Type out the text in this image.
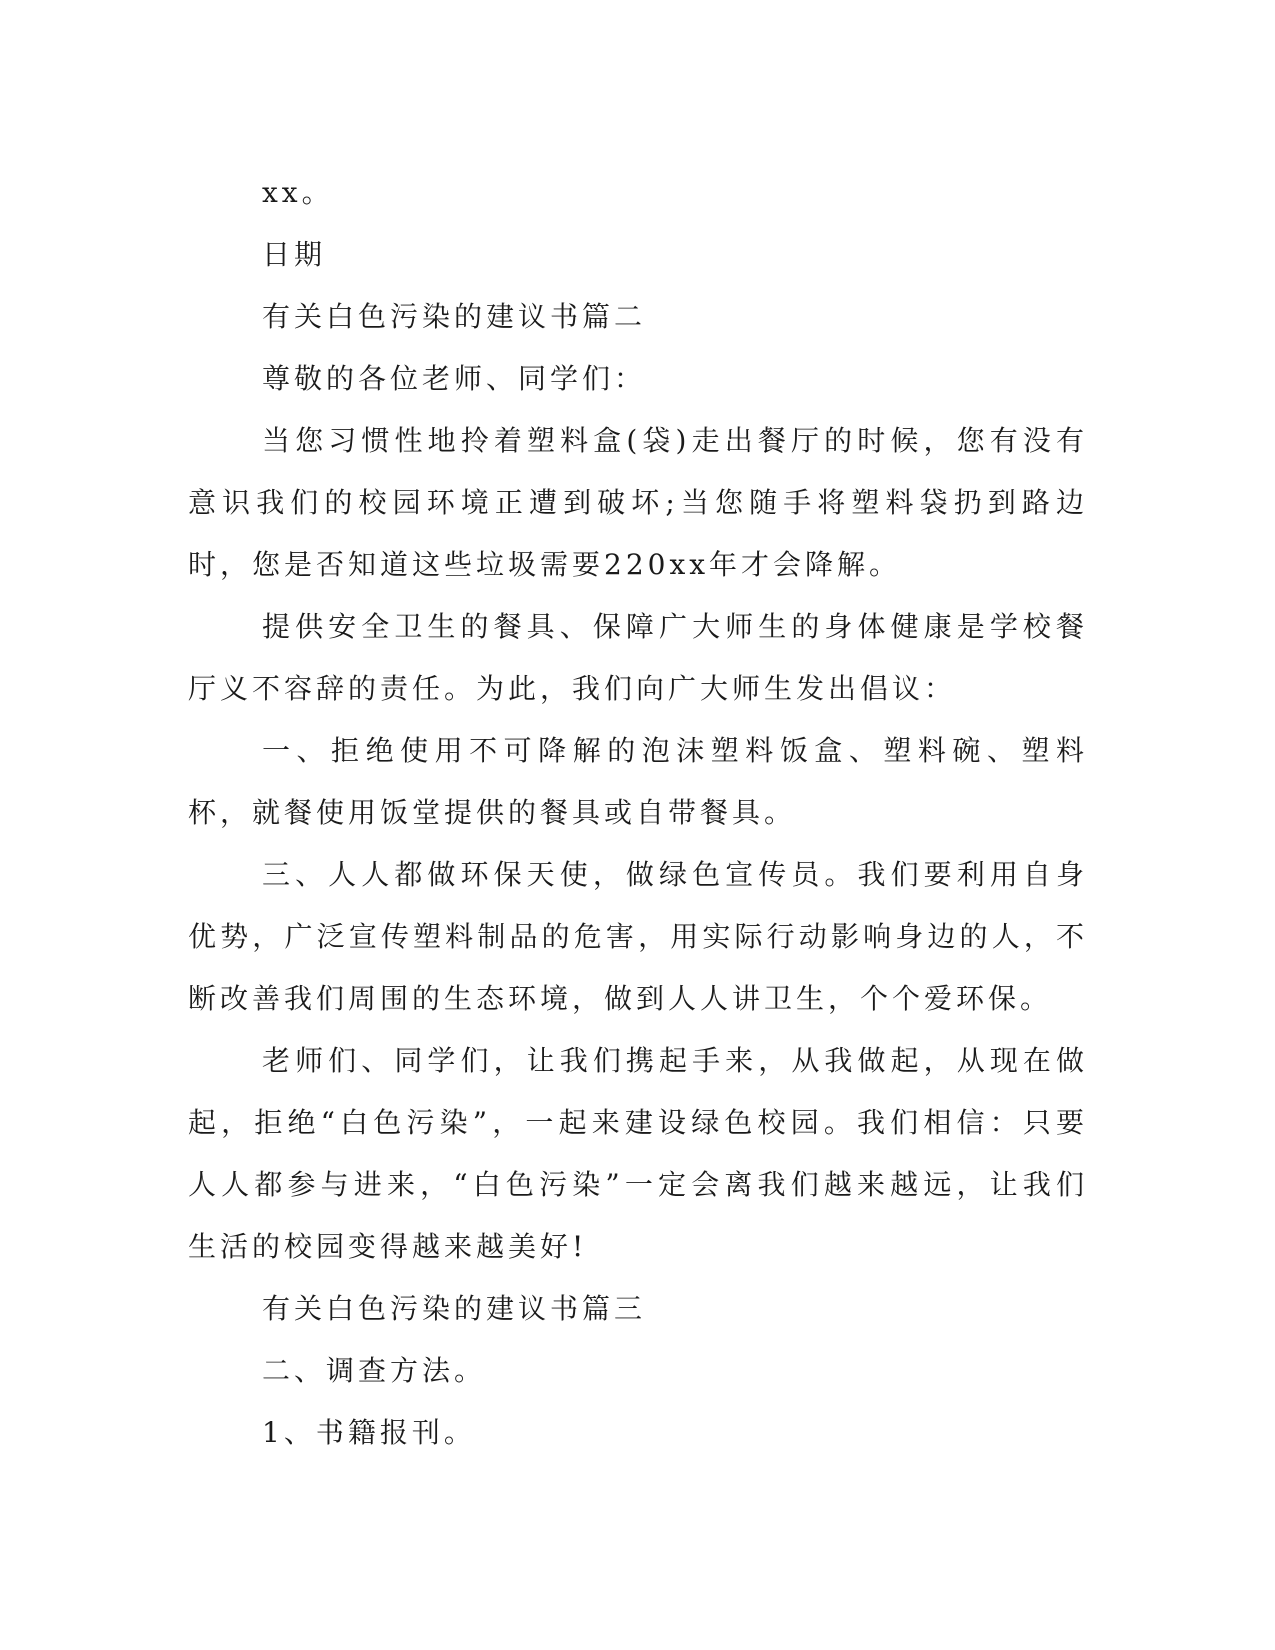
xx。

日期

有关白色污染的建议书篇二

尊敬的各位老师、同学们：

当您习惯性地拎着塑料盒(袋)走出餐厅的时候，您有没有意识我们的校园环境正遭到破坏;当您随手将塑料袋扔到路边时，您是否知道这些垃圾需要220xx年才会降解。

提供安全卫生的餐具、保障广大师生的身体健康是学校餐厅义不容辞的责任。为此，我们向广大师生发出倡议：

一、拒绝使用不可降解的泡沫塑料饭盒、塑料碗、塑料杯，就餐使用饭堂提供的餐具或自带餐具。

三、人人都做环保天使，做绿色宣传员。我们要利用自身优势，广泛宣传塑料制品的危害，用实际行动影响身边的人，不断改善我们周围的生态环境，做到人人讲卫生，个个爱环保。

老师们、同学们，让我们携起手来，从我做起，从现在做起，拒绝“白色污染”，一起来建设绿色校园。我们相信：只要人人都参与进来，“白色污染”一定会离我们越来越远，让我们生活的校园变得越来越美好!

有关白色污染的建议书篇三

二、调查方法。

1、书籍报刊。
